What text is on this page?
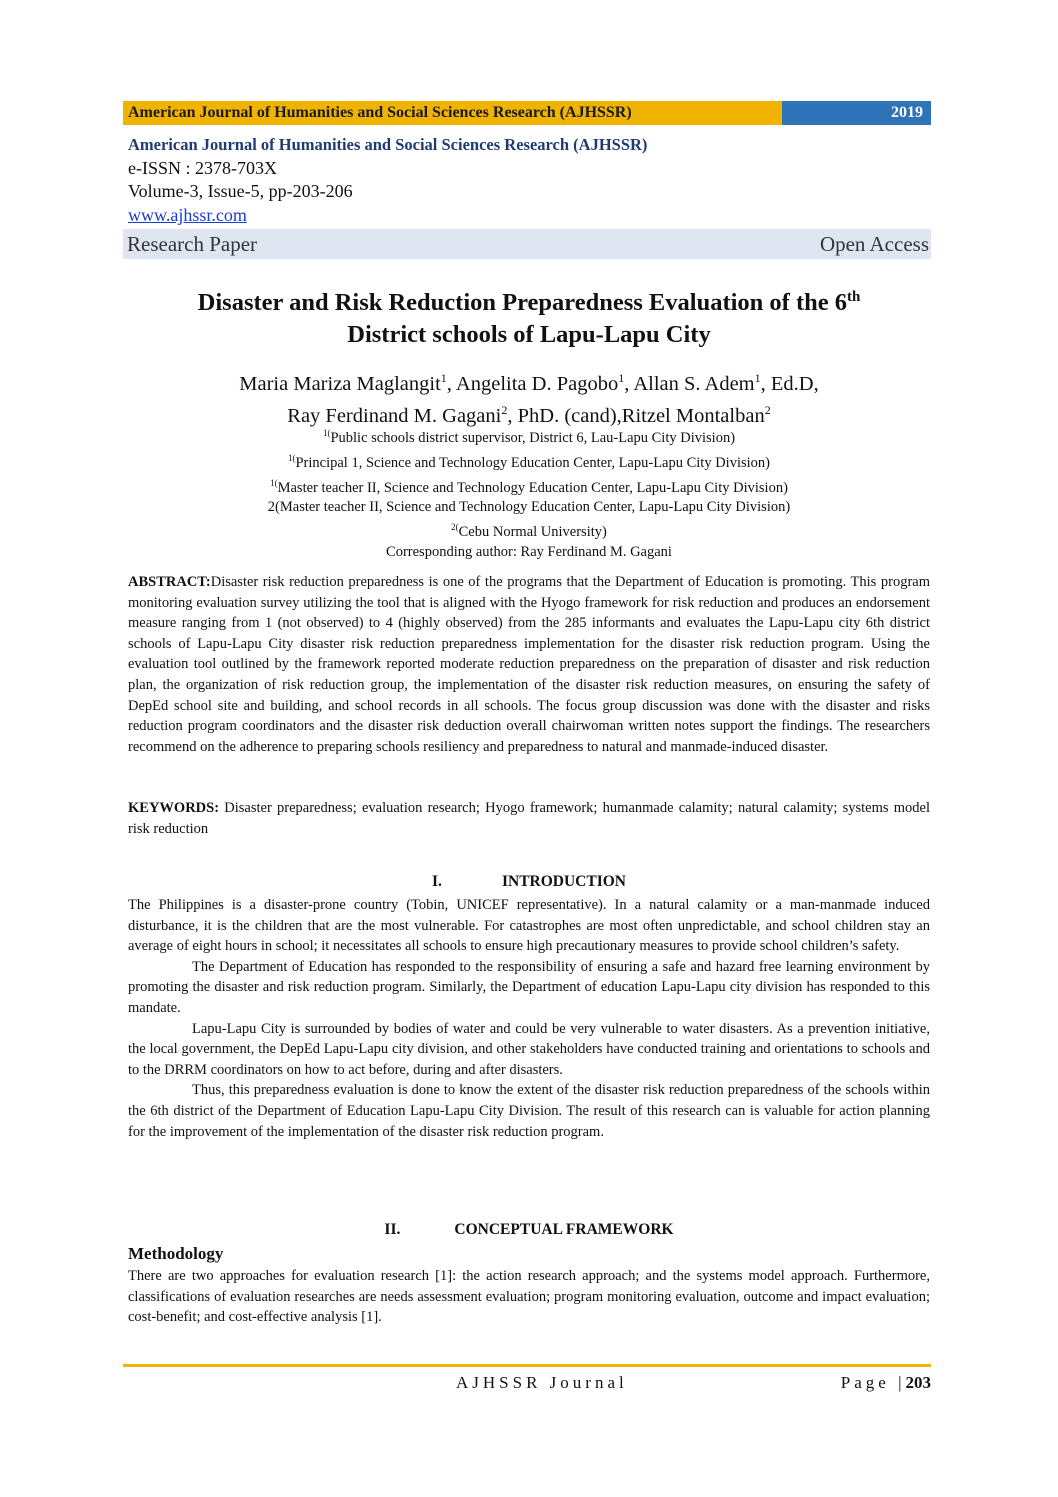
American Journal of Humanities and Social Sciences Research (AJHSSR)	2019
American Journal of Humanities and Social Sciences Research (AJHSSR)
e-ISSN : 2378-703X
Volume-3, Issue-5, pp-203-206
www.ajhssr.com
Research Paper	Open Access
Disaster and Risk Reduction Preparedness Evaluation of the 6th
District schools of Lapu-Lapu City
Maria Mariza Maglangit$^1$, Angelita D. Pagobo$^1$, Allan S. Adem$^1$, Ed.D,
Ray Ferdinand M. Gagani$^2$, PhD. (cand),Ritzel Montalban$^2$
$^{1(}$Public schools district supervisor, District 6, Lau-Lapu City Division)
$^{1(}$Principal 1, Science and Technology Education Center, Lapu-Lapu City Division)
$^{1(}$Master teacher II, Science and Technology Education Center, Lapu-Lapu City Division)
2(Master teacher II, Science and Technology Education Center, Lapu-Lapu City Division)
$^{2(}$Cebu Normal University)
Corresponding author: Ray Ferdinand M. Gagani
ABSTRACT:Disaster risk reduction preparedness is one of the programs that the Department of Education is promoting. This program monitoring evaluation survey utilizing the tool that is aligned with the Hyogo framework for risk reduction and produces an endorsement measure ranging from 1 (not observed) to 4 (highly observed) from the 285 informants and evaluates the Lapu-Lapu city 6th district schools of Lapu-Lapu City disaster risk reduction preparedness implementation for the disaster risk reduction program. Using the evaluation tool outlined by the framework reported moderate reduction preparedness on the preparation of disaster and risk reduction plan, the organization of risk reduction group, the implementation of the disaster risk reduction measures, on ensuring the safety of DepEd school site and building, and school records in all schools. The focus group discussion was done with the disaster and risks reduction program coordinators and the disaster risk deduction overall chairwoman written notes support the findings. The researchers recommend on the adherence to preparing schools resiliency and preparedness to natural and manmade-induced disaster.
KEYWORDS: Disaster preparedness; evaluation research; Hyogo framework; humanmade calamity; natural calamity; systems model risk reduction
I.	INTRODUCTION

The Philippines is a disaster-prone country (Tobin, UNICEF representative). In a natural calamity or a man-manmade induced disturbance, it is the children that are the most vulnerable. For catastrophes are most often unpredictable, and school children stay an average of eight hours in school; it necessitates all schools to ensure high precautionary measures to provide school children’s safety.

The Department of Education has responded to the responsibility of ensuring a safe and hazard free learning environment by promoting the disaster and risk reduction program. Similarly, the Department of education Lapu-Lapu city division has responded to this mandate.

Lapu-Lapu City is surrounded by bodies of water and could be very vulnerable to water disasters. As a prevention initiative, the local government, the DepEd Lapu-Lapu city division, and other stakeholders have conducted training and orientations to schools and to the DRRM coordinators on how to act before, during and after disasters.

Thus, this preparedness evaluation is done to know the extent of the disaster risk reduction preparedness of the schools within the 6th district of the Department of Education Lapu-Lapu City Division. The result of this research can is valuable for action planning for the improvement of the implementation of the disaster risk reduction program.

II.	CONCEPTUAL FRAMEWORK
Methodology
There are two approaches for evaluation research [1]: the action research approach; and the systems model approach. Furthermore, classifications of evaluation researches are needs assessment evaluation; program monitoring evaluation, outcome and impact evaluation; cost-benefit; and cost-effective analysis [1].
AJHSSR Journal	Page |203
